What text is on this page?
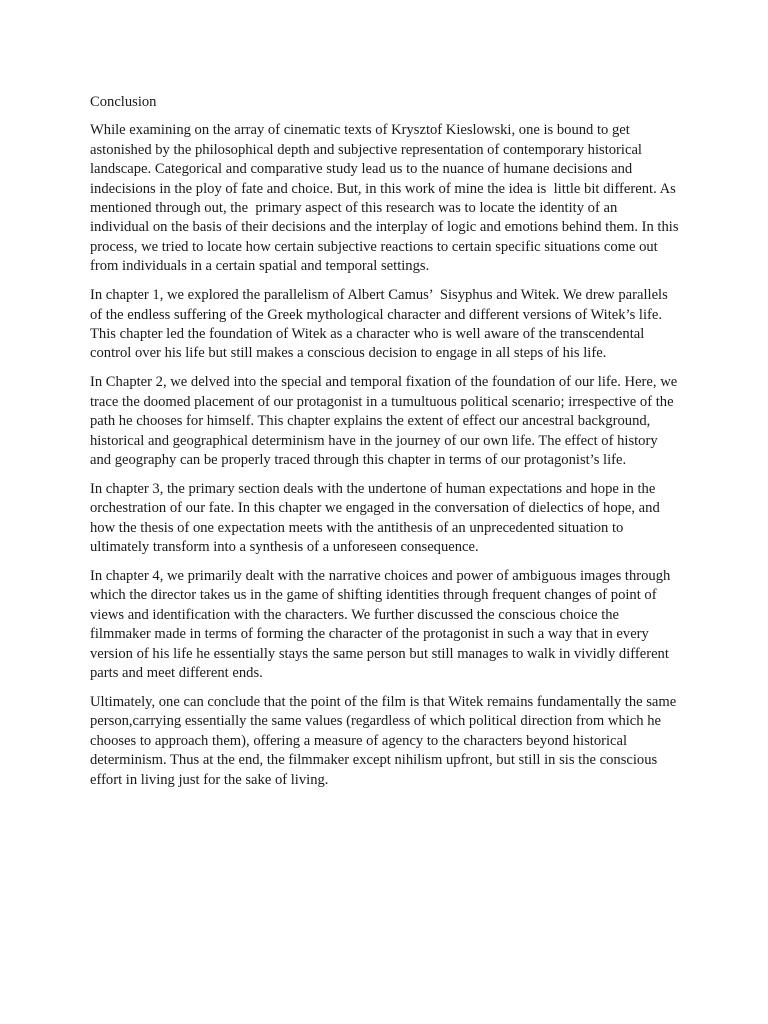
Conclusion

While examining on the array of cinematic texts of Krysztof Kieslowski, one is bound to get astonished by the philosophical depth and subjective representation of contemporary historical landscape. Categorical and comparative study lead us to the nuance of humane decisions and indecisions in the ploy of fate and choice. But, in this work of mine the idea is  little bit different. As mentioned through out, the  primary aspect of this research was to locate the identity of an individual on the basis of their decisions and the interplay of logic and emotions behind them. In this process, we tried to locate how certain subjective reactions to certain specific situations come out from individuals in a certain spatial and temporal settings.

In chapter 1, we explored the parallelism of Albert Camus’  Sisyphus and Witek. We drew parallels of the endless suffering of the Greek mythological character and different versions of Witek’s life. This chapter led the foundation of Witek as a character who is well aware of the transcendental control over his life but still makes a conscious decision to engage in all steps of his life.

In Chapter 2, we delved into the special and temporal fixation of the foundation of our life. Here, we trace the doomed placement of our protagonist in a tumultuous political scenario; irrespective of the path he chooses for himself. This chapter explains the extent of effect our ancestral background, historical and geographical determinism have in the journey of our own life. The effect of history and geography can be properly traced through this chapter in terms of our protagonist’s life.

In chapter 3, the primary section deals with the undertone of human expectations and hope in the orchestration of our fate. In this chapter we engaged in the conversation of dielectics of hope, and how the thesis of one expectation meets with the antithesis of an unprecedented situation to ultimately transform into a synthesis of a unforeseen consequence.

In chapter 4, we primarily dealt with the narrative choices and power of ambiguous images through which the director takes us in the game of shifting identities through frequent changes of point of views and identification with the characters. We further discussed the conscious choice the filmmaker made in terms of forming the character of the protagonist in such a way that in every version of his life he essentially stays the same person but still manages to walk in vividly different parts and meet different ends.

Ultimately, one can conclude that the point of the film is that Witek remains fundamentally the same person,carrying essentially the same values (regardless of which political direction from which he chooses to approach them), offering a measure of agency to the characters beyond historical determinism. Thus at the end, the filmmaker except nihilism upfront, but still in sis the conscious effort in living just for the sake of living.
